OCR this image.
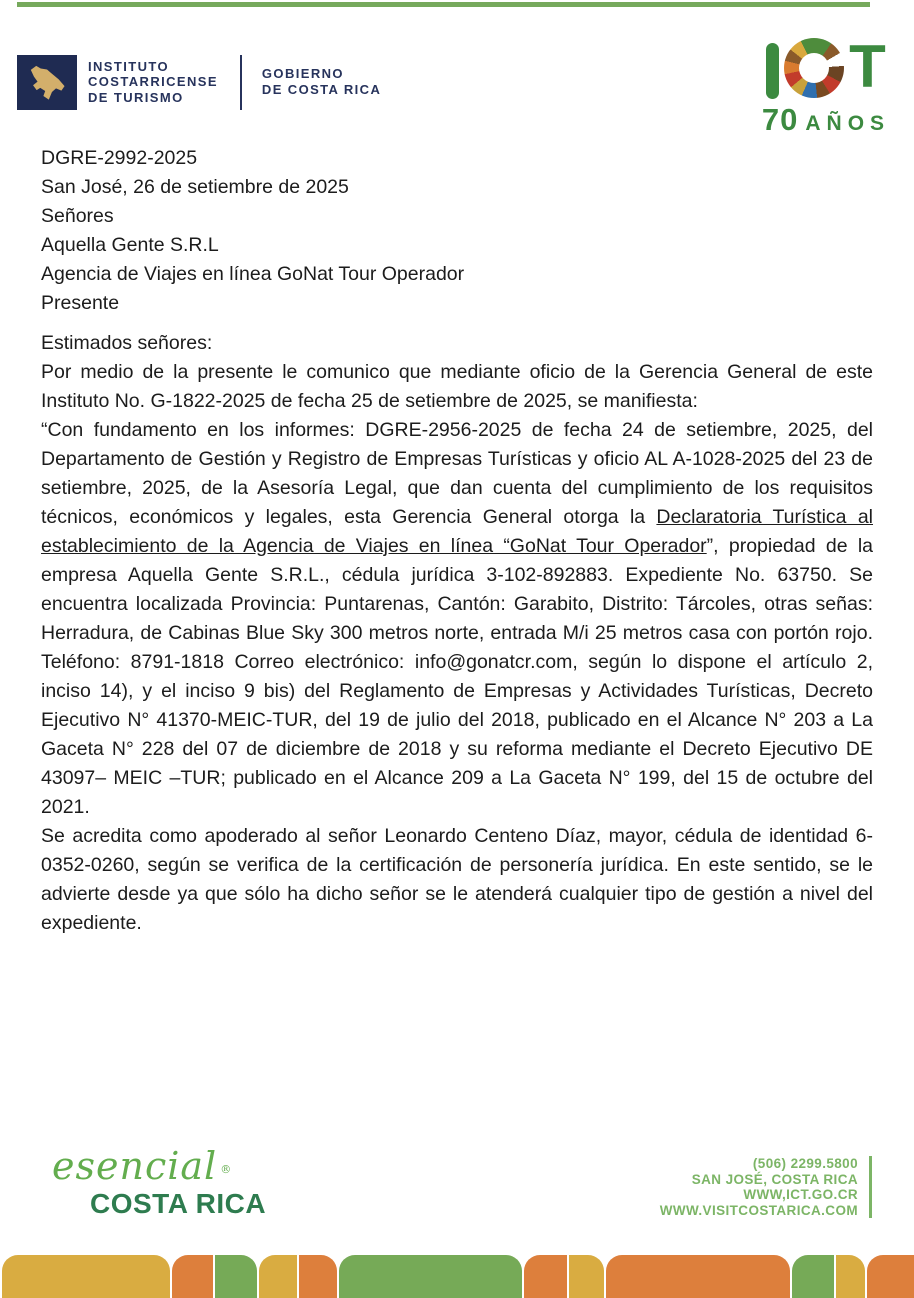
INSTITUTO
COSTARRICENSE
DE TURISMO
GOBIERNO
DE COSTA RICA	T
70 AÑOS

DGRE-2992-2025

San José, 26 de setiembre de 2025

Señores
Aquella Gente S.R.L
Agencia de Viajes en línea GoNat Tour Operador
Presente

Estimados señores:

Por medio de la presente le comunico que mediante oficio de la Gerencia General de este Instituto No. G-1822-2025 de fecha 25 de setiembre de 2025, se manifiesta:

“Con fundamento en los informes: DGRE-2956-2025 de fecha 24 de setiembre, 2025, del Departamento de Gestión y Registro de Empresas Turísticas y oficio AL A-1028-2025 del 23 de setiembre, 2025, de la Asesoría Legal, que dan cuenta del cumplimiento de los requisitos técnicos, económicos y legales, esta Gerencia General otorga la Declaratoria Turística al establecimiento de la Agencia de Viajes en línea “GoNat Tour Operador”, propiedad de la empresa Aquella Gente S.R.L., cédula jurídica 3-102-892883. Expediente No. 63750. Se encuentra localizada Provincia: Puntarenas, Cantón: Garabito, Distrito: Tárcoles, otras señas: Herradura, de Cabinas Blue Sky 300 metros norte, entrada M/i 25 metros casa con portón rojo. Teléfono: 8791-1818 Correo electrónico: info@gonatcr.com, según lo dispone el artículo 2, inciso 14), y el inciso 9 bis) del Reglamento de Empresas y Actividades Turísticas, Decreto Ejecutivo N° 41370-MEIC-TUR, del 19 de julio del 2018, publicado en el Alcance N° 203 a La Gaceta N° 228 del 07 de diciembre de 2018 y su reforma mediante el Decreto Ejecutivo DE 43097– MEIC –TUR; publicado en el Alcance 209 a La Gaceta N° 199, del 15 de octubre del 2021.

Se acredita como apoderado al señor Leonardo Centeno Díaz, mayor, cédula de identidad 6-0352-0260, según se verifica de la certificación de personería jurídica. En este sentido, se le advierte desde ya que sólo ha dicho señor se le atenderá cualquier tipo de gestión a nivel del expediente.

esencial ®
COSTA RICA
(506) 2299.5800
SAN JOSÉ, COSTA RICA
WWW,ICT.GO.CR
WWW.VISITCOSTARICA.COM
